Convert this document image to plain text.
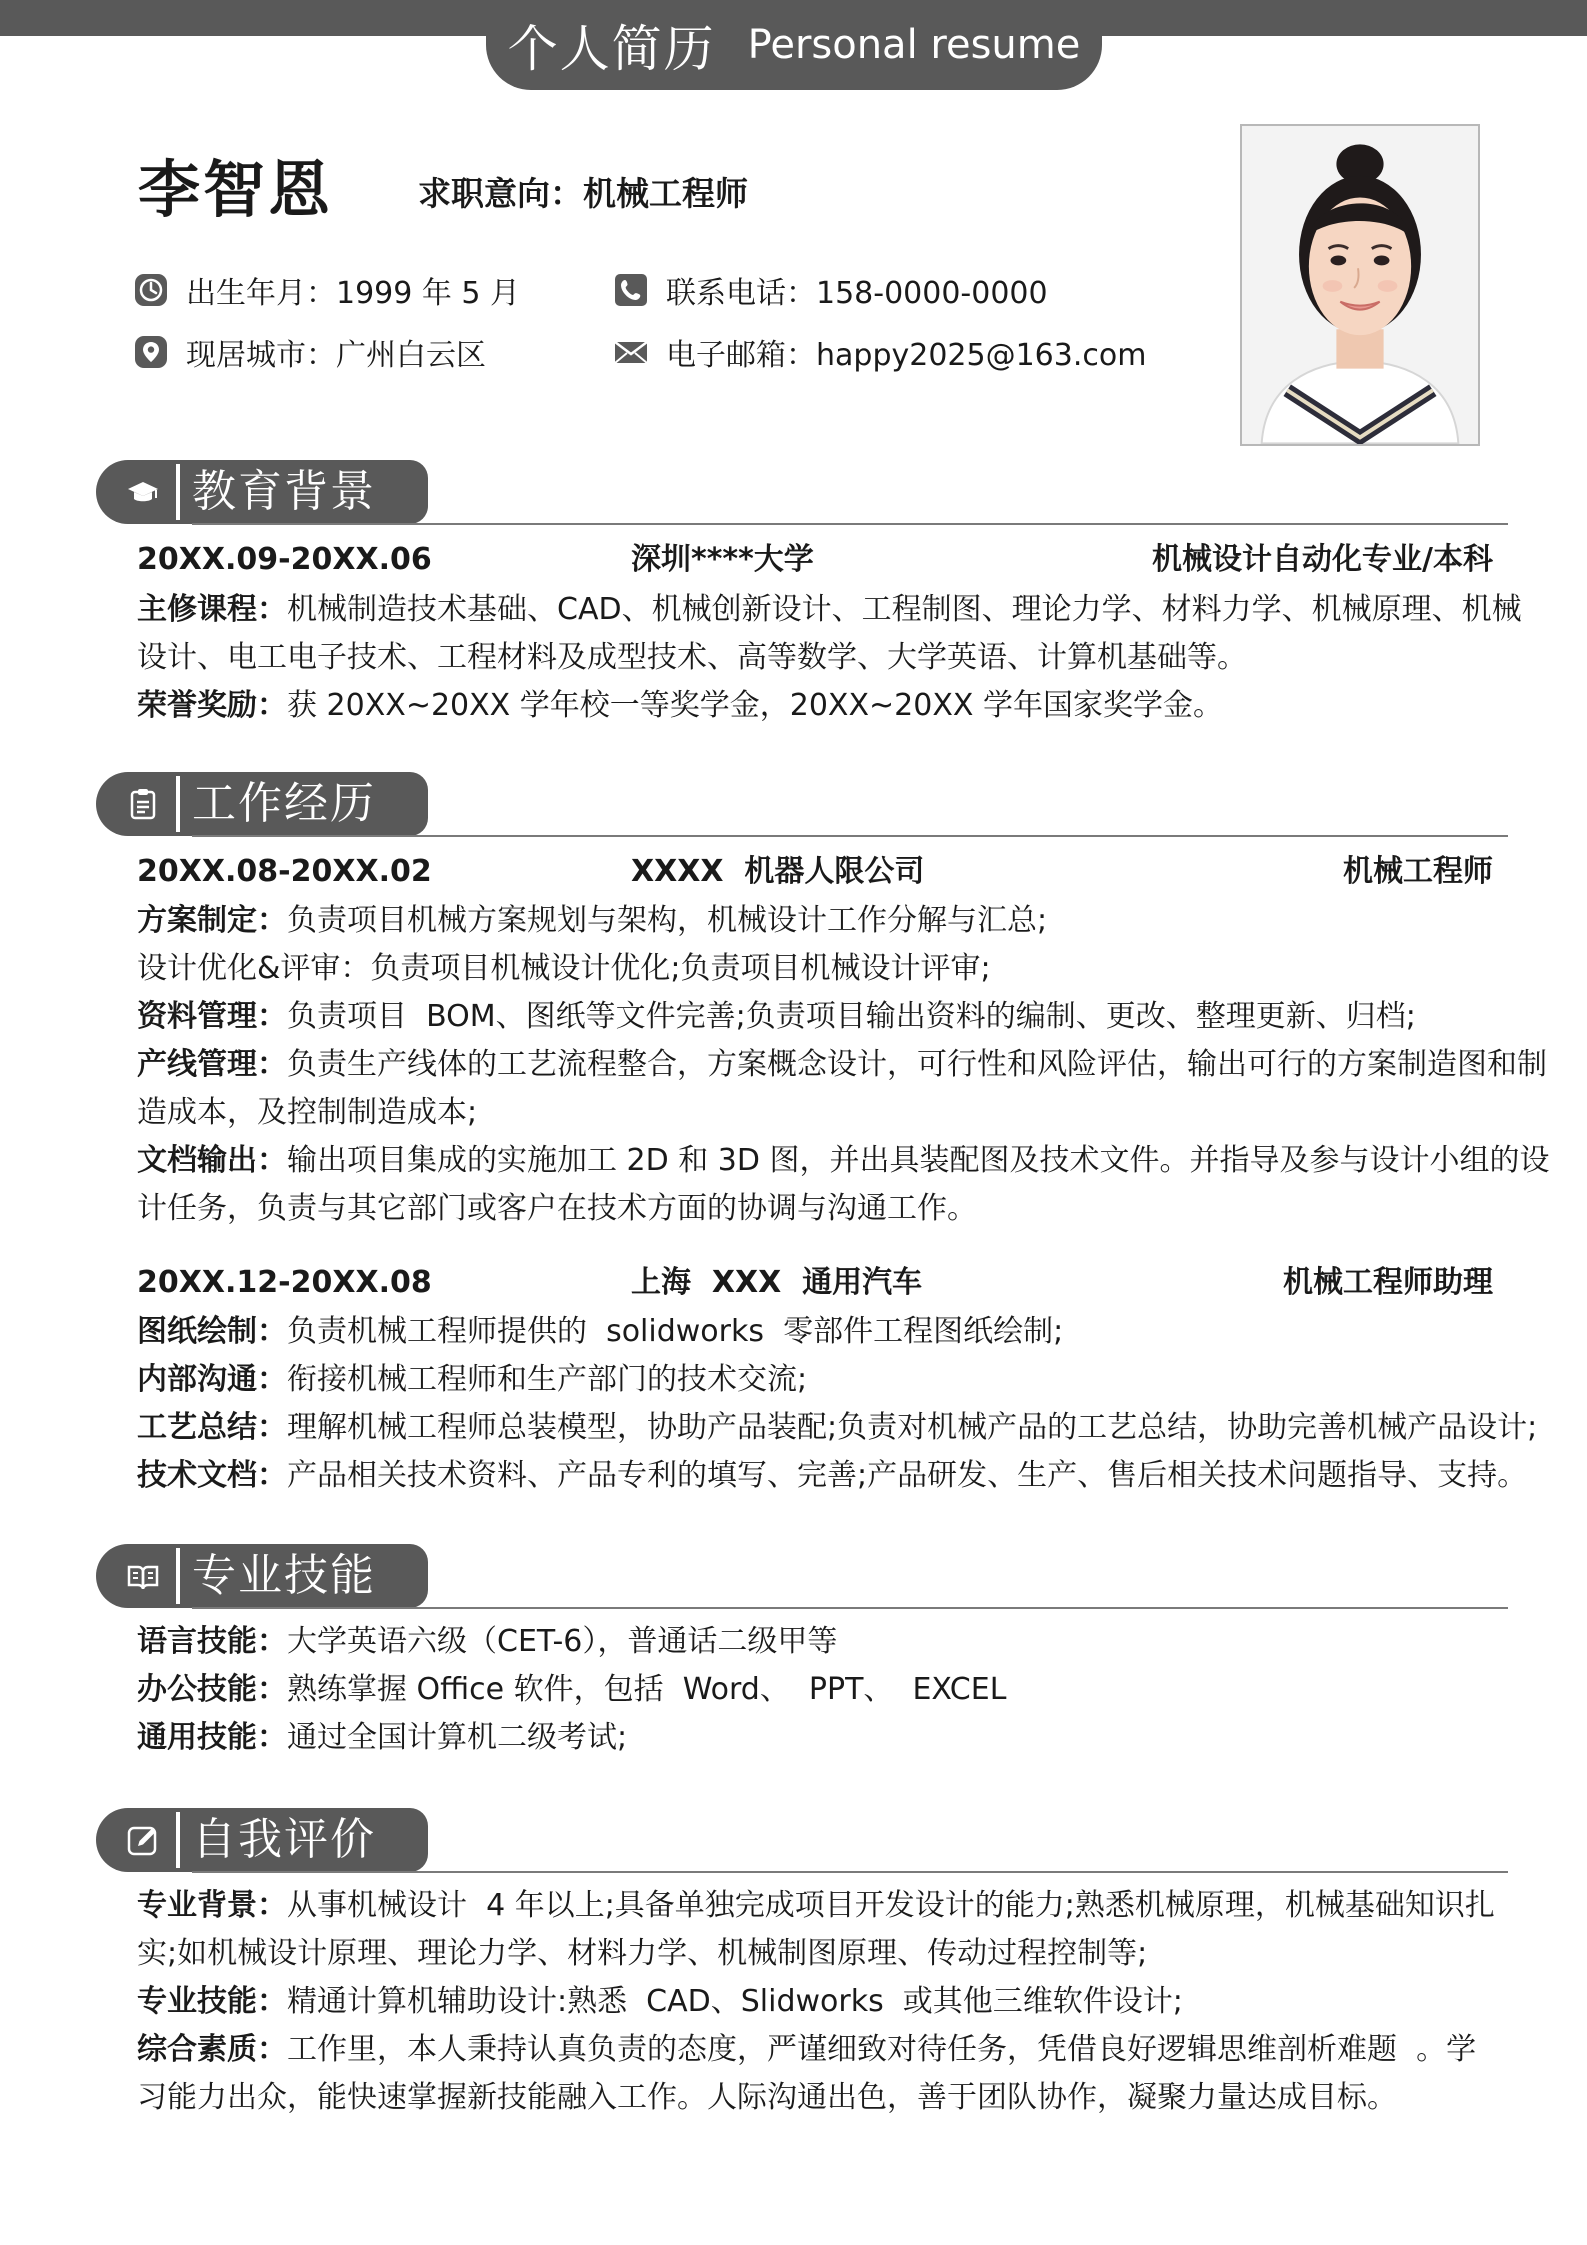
个人简历 Personal resume
李智恩	求职意向：机械工程师
出生年月：1999 年 5 月
现居城市：广州白云区
联系电话：158-0000-0000
电子邮箱：happy2025@163.com
教育背景
20XX.09-20XX.06	深圳****大学	机械设计自动化专业/本科
主修课程：机械制造技术基础、CAD、机械创新设计、工程制图、理论力学、材料力学、机械原理、机械
设计、电工电子技术、工程材料及成型技术、高等数学、大学英语、计算机基础等。
荣誉奖励：获 20XX~20XX 学年校一等奖学金，20XX~20XX 学年国家奖学金。
工作经历
20XX.08-20XX.02	XXXX  机器人限公司	机械工程师
方案制定：负责项目机械方案规划与架构，机械设计工作分解与汇总;
设计优化&评审：负责项目机械设计优化;负责项目机械设计评审;
资料管理：负责项目  BOM、图纸等文件完善;负责项目输出资料的编制、更改、整理更新、归档;
产线管理：负责生产线体的工艺流程整合，方案概念设计，可行性和风险评估，输出可行的方案制造图和制
造成本，及控制制造成本;
文档输出：输出项目集成的实施加工 2D 和 3D 图，并出具装配图及技术文件。并指导及参与设计小组的设
计任务，负责与其它部门或客户在技术方面的协调与沟通工作。
20XX.12-20XX.08	上海  XXX  通用汽车	机械工程师助理
图纸绘制：负责机械工程师提供的  solidworks  零部件工程图纸绘制;
内部沟通：衔接机械工程师和生产部门的技术交流;
工艺总结：理解机械工程师总装模型，协助产品装配;负责对机械产品的工艺总结，协助完善机械产品设计;
技术文档：产品相关技术资料、产品专利的填写、完善;产品研发、生产、售后相关技术问题指导、支持。
专业技能
语言技能：大学英语六级（CET-6），普通话二级甲等
办公技能：熟练掌握 Office 软件，包括  Word、  PPT、  EXCEL
通用技能：通过全国计算机二级考试;
自我评价
专业背景：从事机械设计  4 年以上;具备单独完成项目开发设计的能力;熟悉机械原理，机械基础知识扎
实;如机械设计原理、理论力学、材料力学、机械制图原理、传动过程控制等;
专业技能：精通计算机辅助设计:熟悉  CAD、Slidworks  或其他三维软件设计;
综合素质：工作里，本人秉持认真负责的态度，严谨细致对待任务，凭借良好逻辑思维剖析难题  。学
习能力出众，能快速掌握新技能融入工作。人际沟通出色，善于团队协作，凝聚力量达成目标。
